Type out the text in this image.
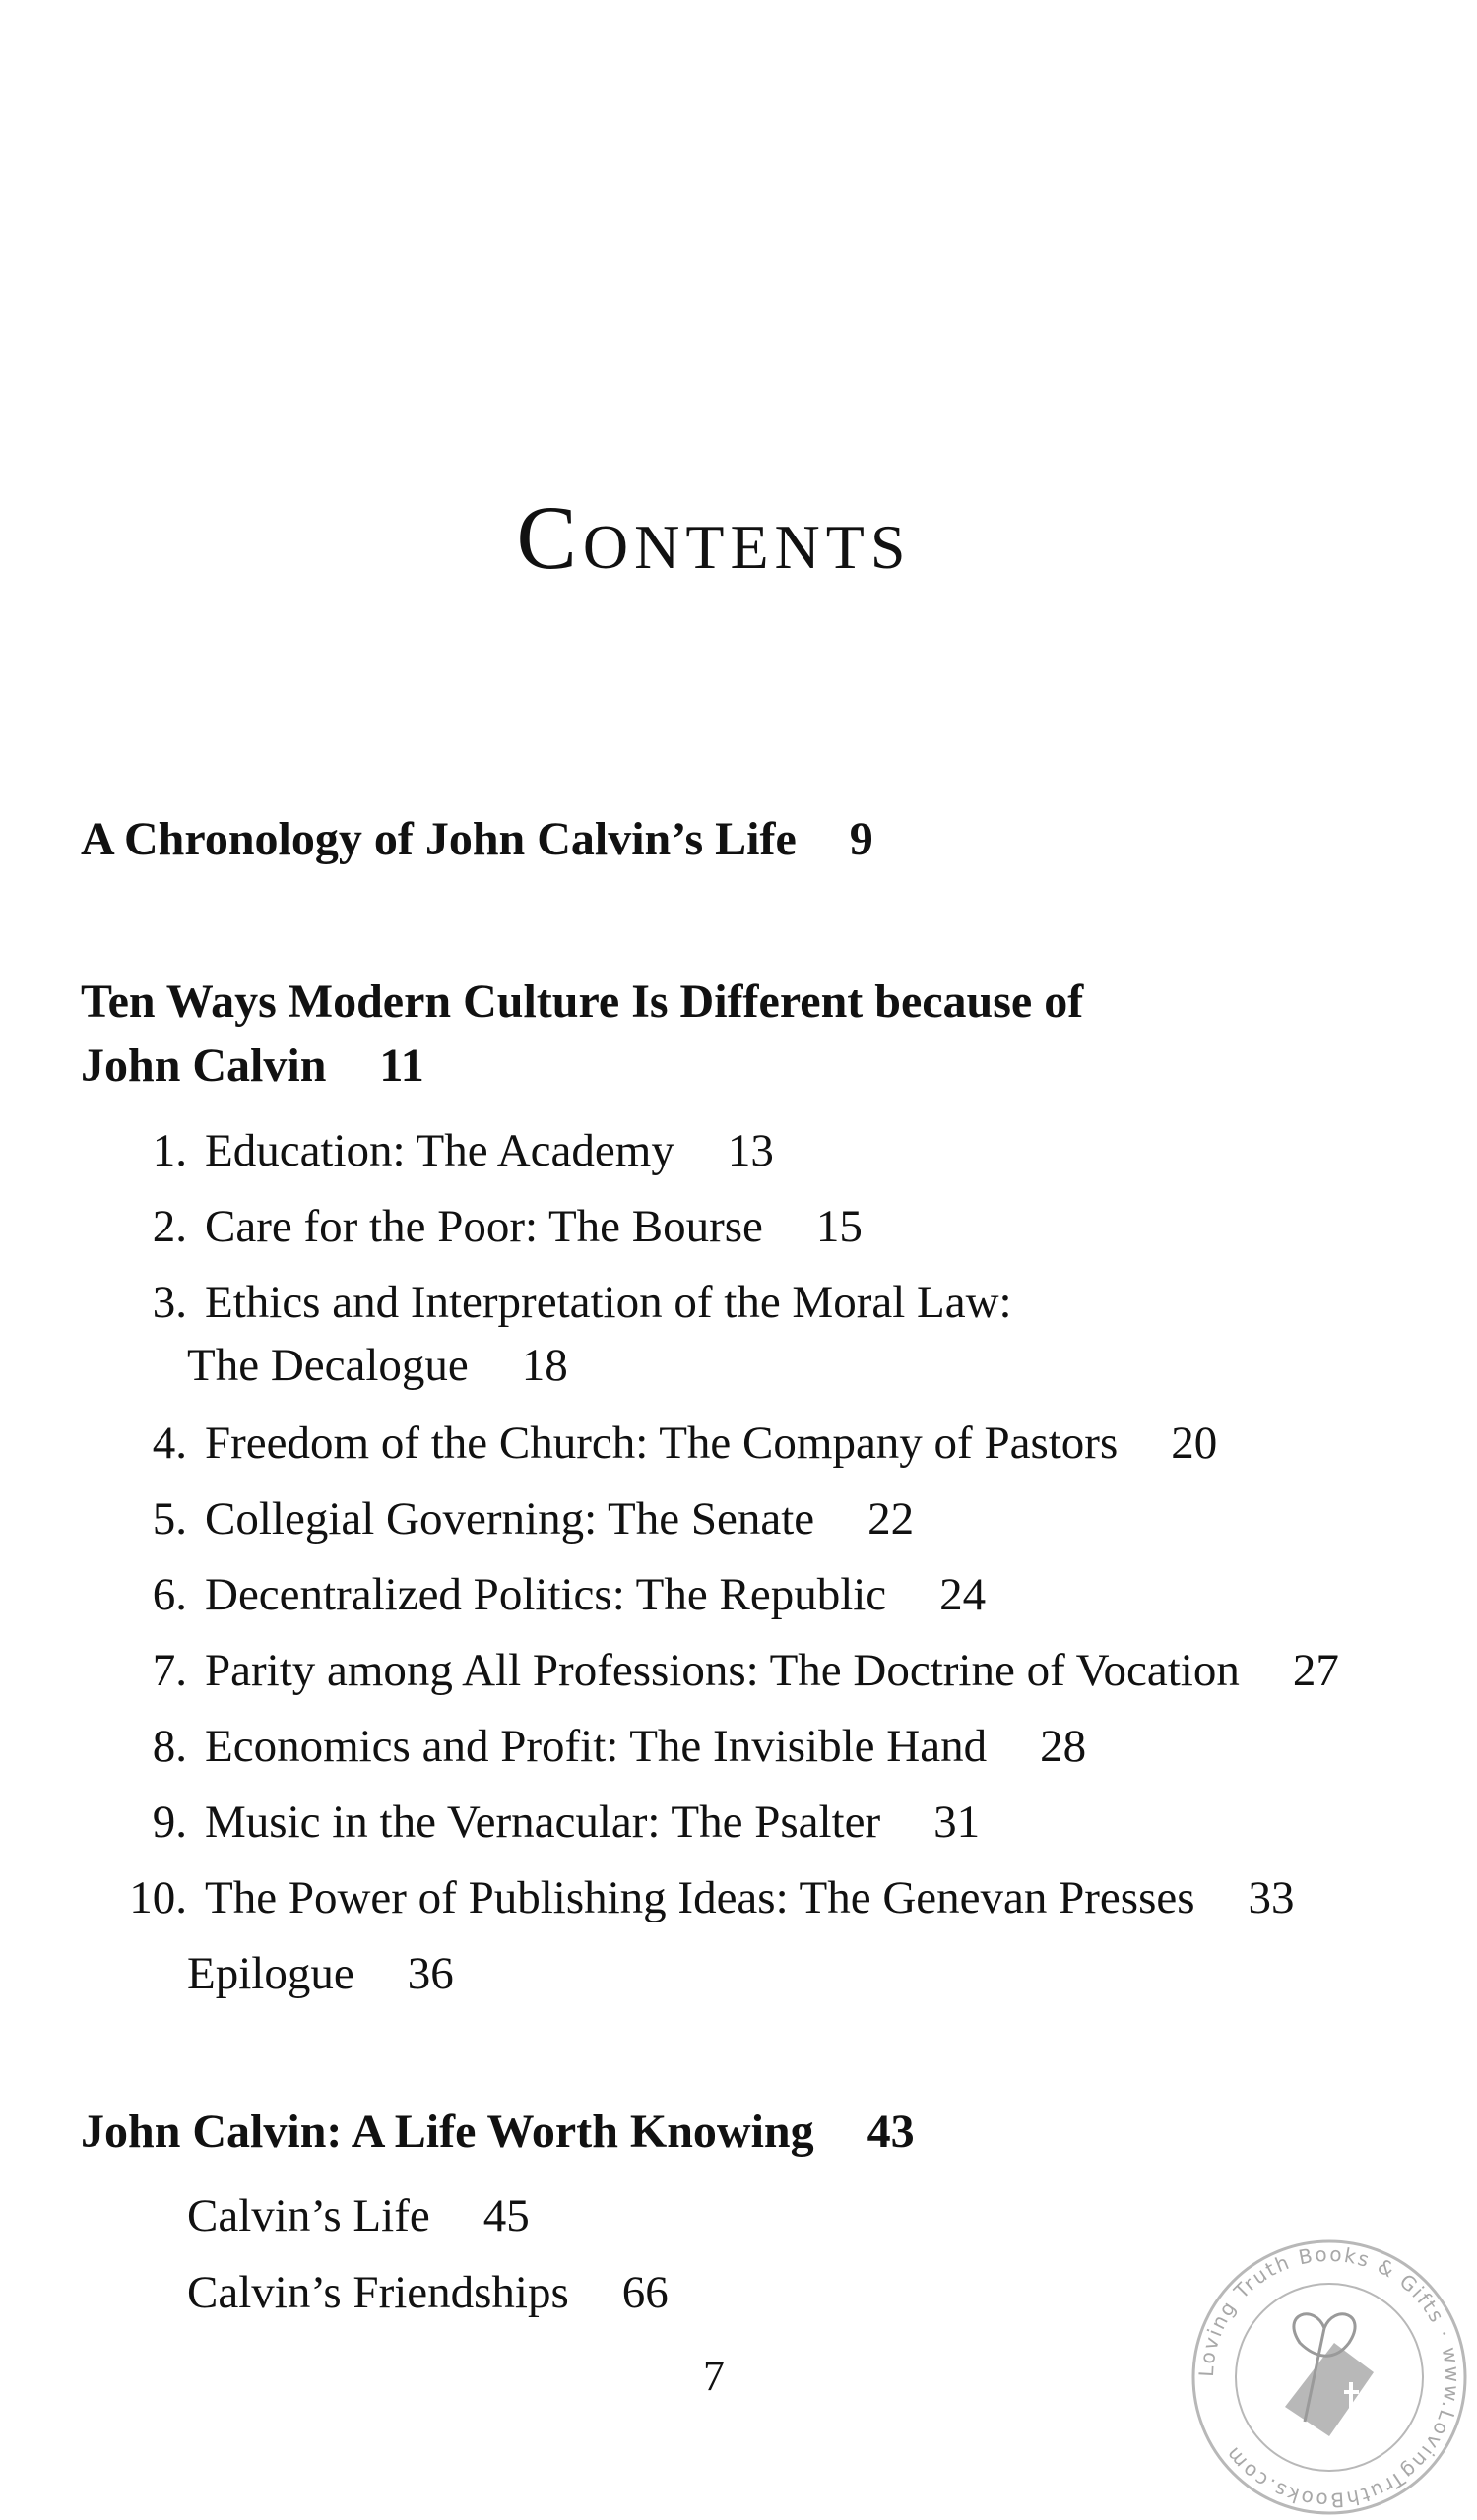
Contents
A Chronology of John Calvin’s Life 9
Ten Ways Modern Culture Is Different because of
John Calvin 11
1. Education: The Academy 13
2. Care for the Poor: The Bourse 15
3. Ethics and Interpretation of the Moral Law:
The Decalogue 18
4. Freedom of the Church: The Company of Pastors 20
5. Collegial Governing: The Senate 22
6. Decentralized Politics: The Republic 24
7. Parity among All Professions: The Doctrine of Vocation 27
8. Economics and Profit: The Invisible Hand 28
9. Music in the Vernacular: The Psalter 31
10. The Power of Publishing Ideas: The Genevan Presses 33
Epilogue 36
John Calvin: A Life Worth Knowing 43
Calvin’s Life 45
Calvin’s Friendships 66
7	Loving Truth Books & Gifts · www.LovingTruthBooks.com
